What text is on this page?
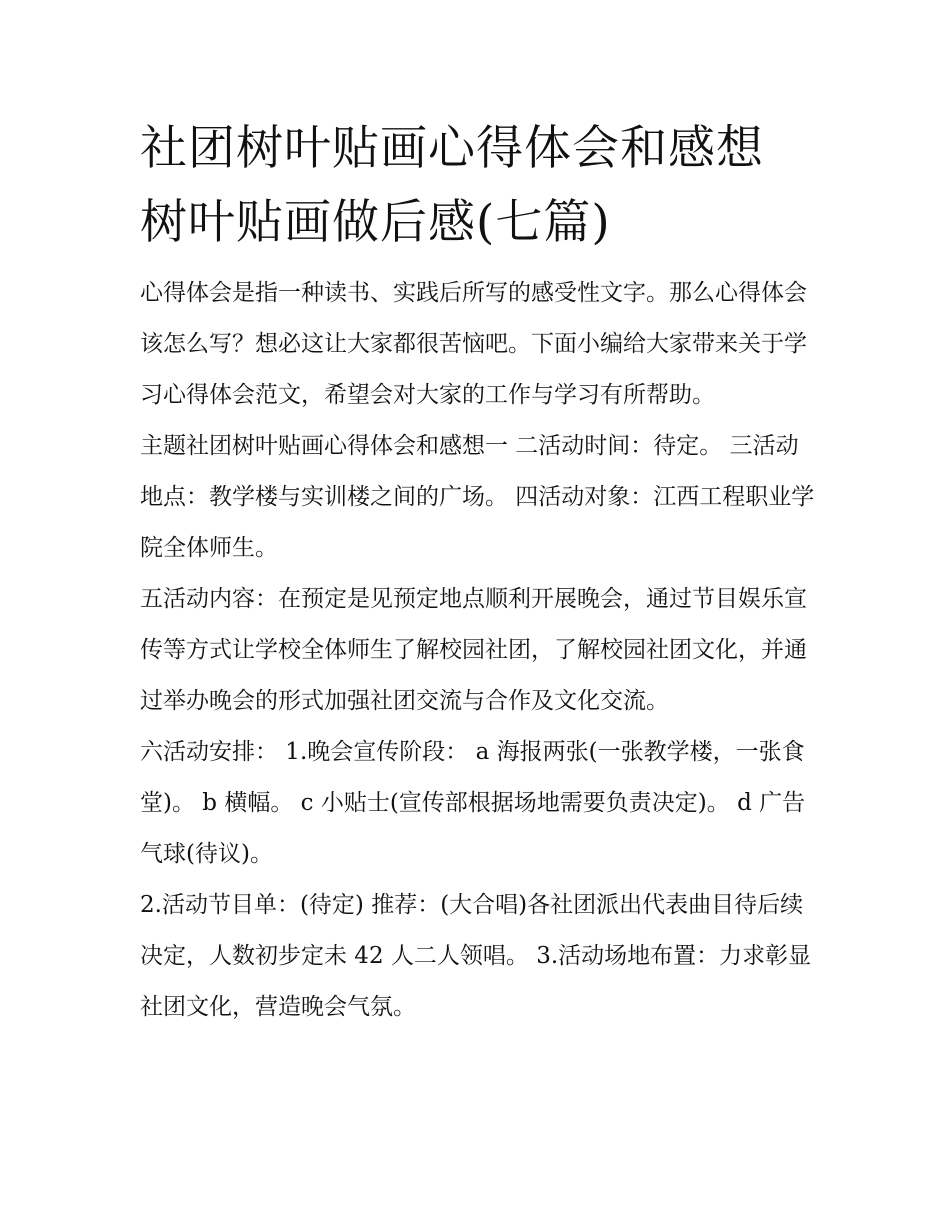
社团树叶贴画心得体会和感想
树叶贴画做后感(七篇)

心得体会是指一种读书、实践后所写的感受性文字。那么心得体会该怎么写？想必这让大家都很苦恼吧。下面小编给大家带来关于学习心得体会范文，希望会对大家的工作与学习有所帮助。

主题社团树叶贴画心得体会和感想一 二活动时间：待定。 三活动地点：教学楼与实训楼之间的广场。 四活动对象：江西工程职业学院全体师生。

五活动内容：在预定是见预定地点顺利开展晚会，通过节目娱乐宣传等方式让学校全体师生了解校园社团，了解校园社团文化，并通过举办晚会的形式加强社团交流与合作及文化交流。

六活动安排： 1.晚会宣传阶段： a 海报两张(一张教学楼，一张食堂)。 b 横幅。 c 小贴士(宣传部根据场地需要负责决定)。 d 广告气球(待议)。

2.活动节目单：(待定) 推荐：(大合唱)各社团派出代表曲目待后续决定，人数初步定未 42 人二人领唱。 3.活动场地布置：力求彰显社团文化，营造晚会气氛。
